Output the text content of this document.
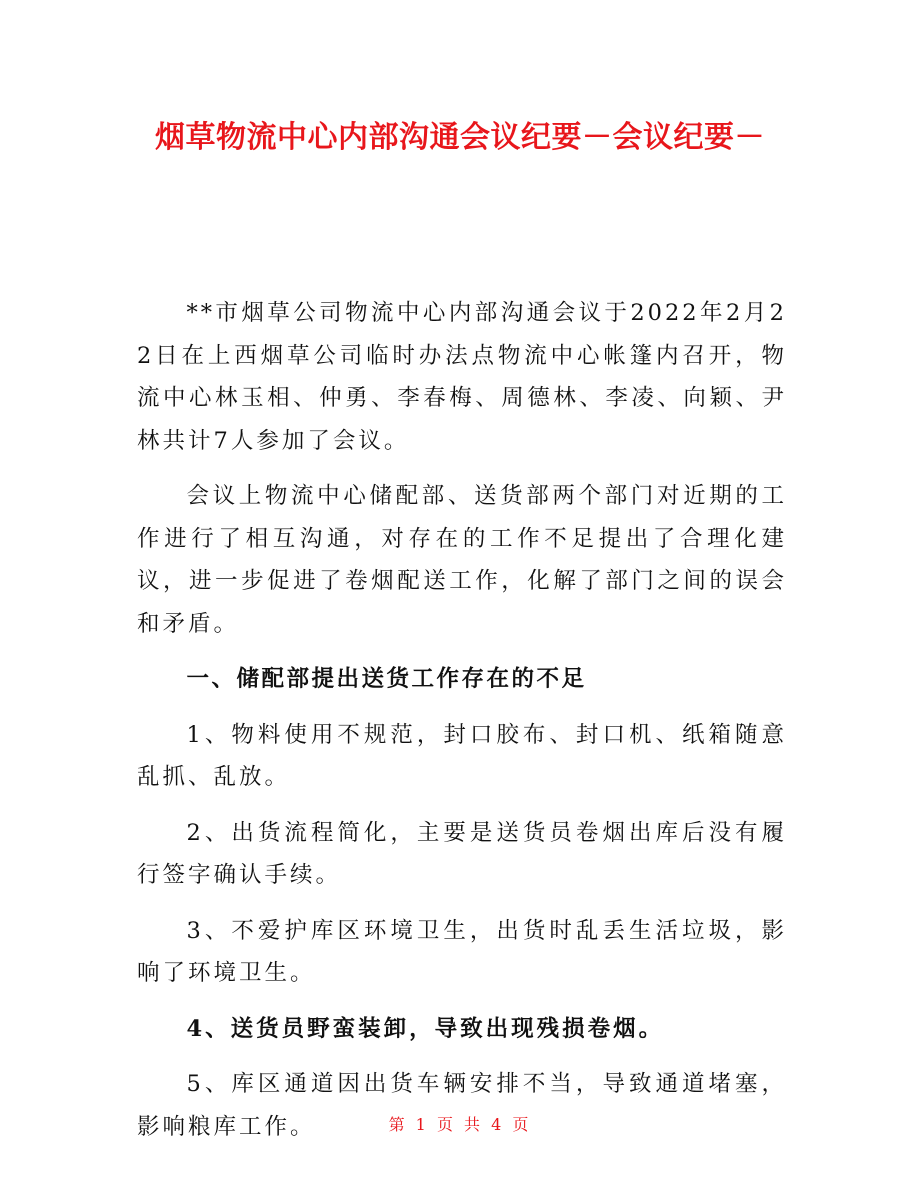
烟草物流中心内部沟通会议纪要－会议纪要－

**市烟草公司物流中心内部沟通会议于2022年2月22日在上西烟草公司临时办法点物流中心帐篷内召开，物流中心林玉相、仲勇、李春梅、周德林、李凌、向颖、尹林共计7人参加了会议。

会议上物流中心储配部、送货部两个部门对近期的工作进行了相互沟通，对存在的工作不足提出了合理化建议，进一步促进了卷烟配送工作，化解了部门之间的误会和矛盾。

一、储配部提出送货工作存在的不足

1、物料使用不规范，封口胶布、封口机、纸箱随意乱抓、乱放。

2、出货流程简化，主要是送货员卷烟出库后没有履行签字确认手续。

3、不爱护库区环境卫生，出货时乱丢生活垃圾，影响了环境卫生。

4、送货员野蛮装卸，导致出现残损卷烟。

5、库区通道因出货车辆安排不当，导致通道堵塞，影响粮库工作。	第 1 页 共 4 页
